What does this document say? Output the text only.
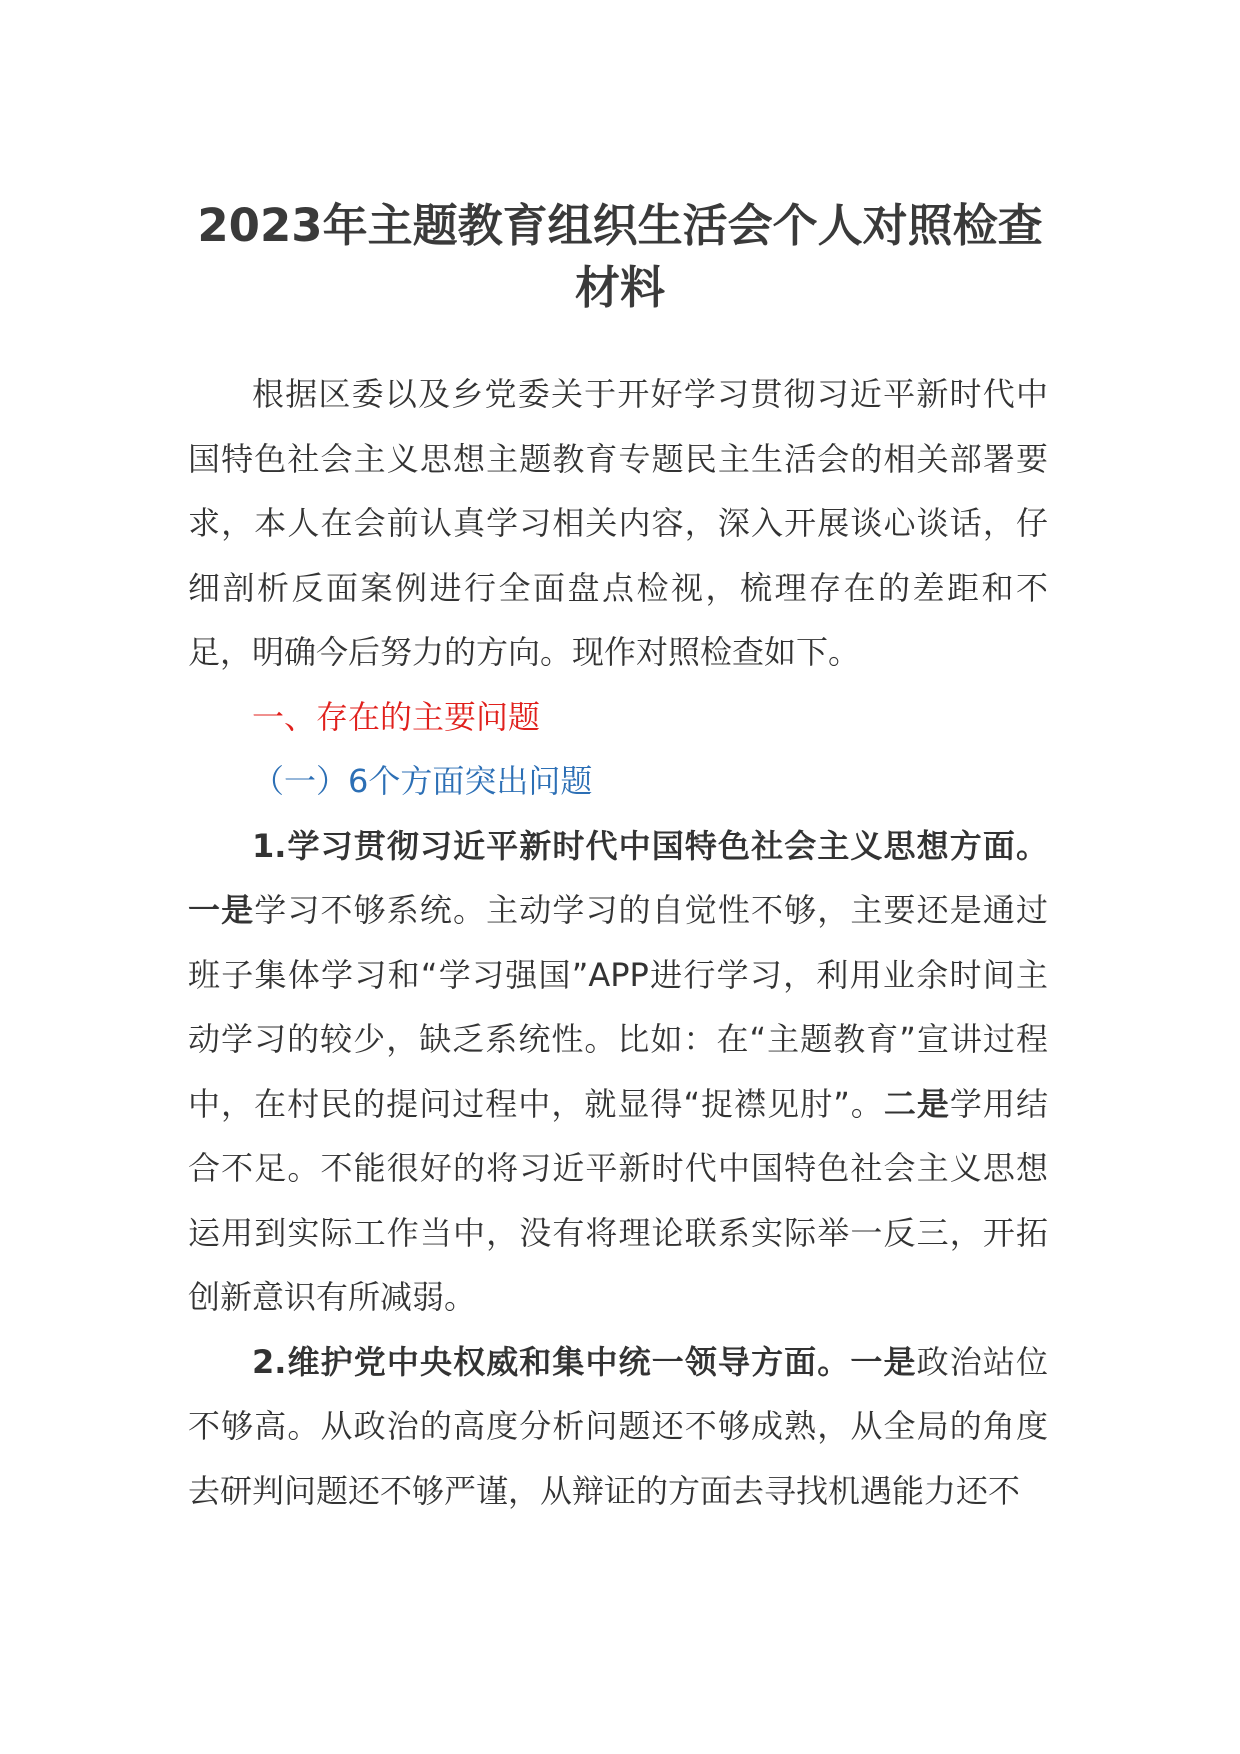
2023年主题教育组织生活会个人对照检查
材料

根据区委以及乡党委关于开好学习贯彻习近平新时代中国特色社会主义思想主题教育专题民主生活会的相关部署要求，本人在会前认真学习相关内容，深入开展谈心谈话，仔细剖析反面案例进行全面盘点检视，梳理存在的差距和不足，明确今后努力的方向。现作对照检查如下。

一、存在的主要问题

（一）6个方面突出问题

1.学习贯彻习近平新时代中国特色社会主义思想方面。一是学习不够系统。主动学习的自觉性不够，主要还是通过班子集体学习和“学习强国”APP进行学习，利用业余时间主动学习的较少，缺乏系统性。比如：在“主题教育”宣讲过程中，在村民的提问过程中，就显得“捉襟见肘”。二是学用结合不足。不能很好的将习近平新时代中国特色社会主义思想运用到实际工作当中，没有将理论联系实际举一反三，开拓创新意识有所减弱。

2.维护党中央权威和集中统一领导方面。一是政治站位不够高。从政治的高度分析问题还不够成熟，从全局的角度去研判问题还不够严谨，从辩证的方面去寻找机遇能力还不
